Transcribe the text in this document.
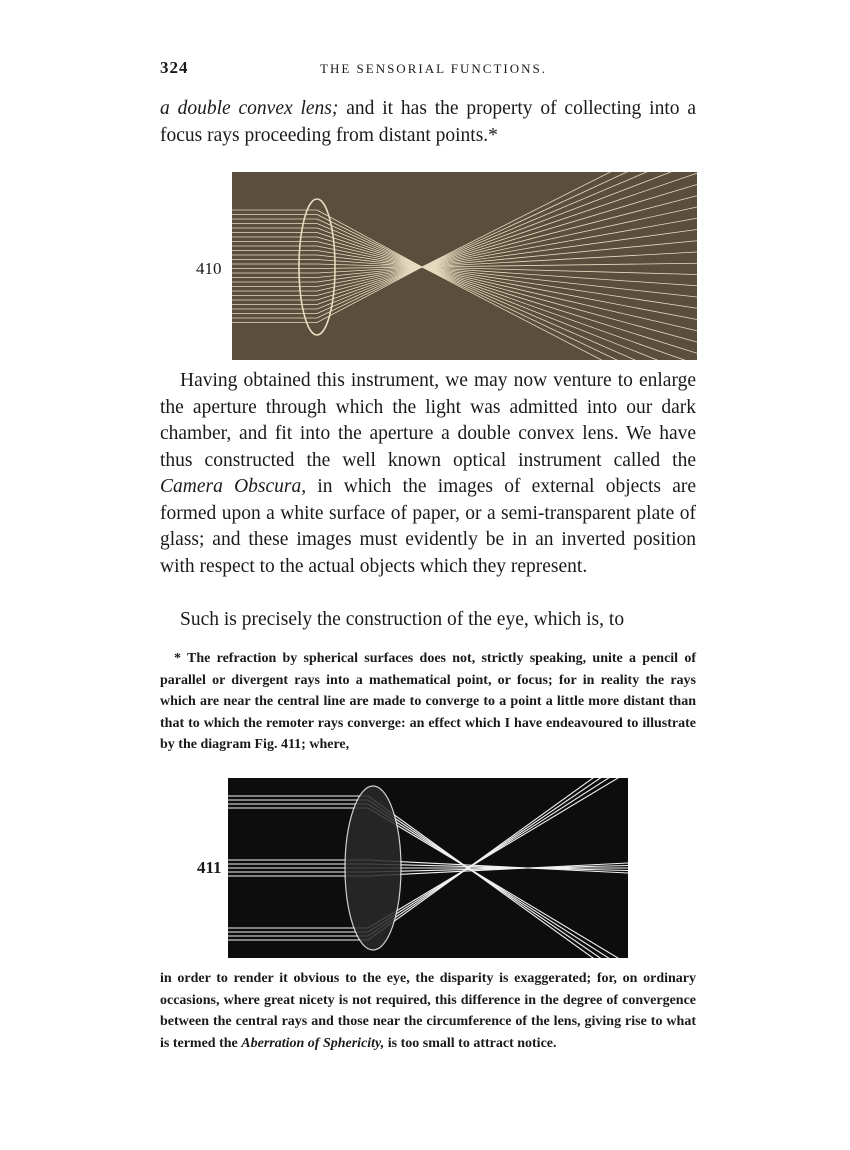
324	THE SENSORIAL FUNCTIONS.

a double convex lens; and it has the property of collecting into a focus rays proceeding from distant points.*

410

Having obtained this instrument, we may now venture to enlarge the aperture through which the light was admitted into our dark chamber, and fit into the aperture a double convex lens. We have thus constructed the well known optical instrument called the Camera Obscura, in which the images of external objects are formed upon a white surface of paper, or a semi-transparent plate of glass; and these images must evidently be in an inverted position with respect to the actual objects which they represent.

Such is precisely the construction of the eye, which is, to

* The refraction by spherical surfaces does not, strictly speaking, unite a pencil of parallel or divergent rays into a mathematical point, or focus; for in reality the rays which are near the central line are made to converge to a point a little more distant than that to which the remoter rays converge: an effect which I have endeavoured to illustrate by the diagram Fig. 411; where,

411

in order to render it obvious to the eye, the disparity is exaggerated; for, on ordinary occasions, where great nicety is not required, this difference in the degree of convergence between the central rays and those near the circumference of the lens, giving rise to what is termed the Aberration of Sphericity, is too small to attract notice.
